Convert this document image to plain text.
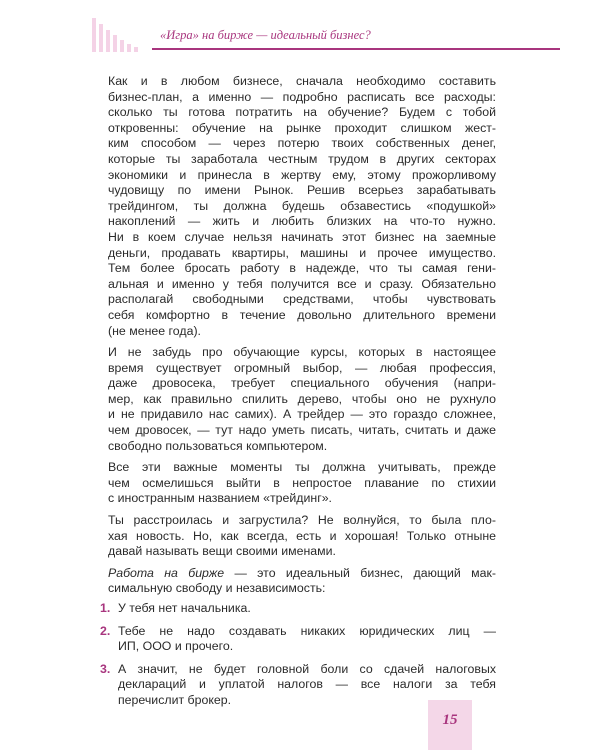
«Игра» на бирже — идеальный бизнес?

Как и в любом бизнесе, сначала необходимо составить
бизнес-план, а именно — подробно расписать все расходы:
сколько ты готова потратить на обучение? Будем с тобой
откровенны: обучение на рынке проходит слишком жест-
ким способом — через потерю твоих собственных денег,
которые ты заработала честным трудом в других секторах
экономики и принесла в жертву ему, этому прожорливому
чудовищу по имени Рынок. Решив всерьез зарабатывать
трейдингом, ты должна будешь обзавестись «подушкой»
накоплений — жить и любить близких на что-то нужно.
Ни в коем случае нельзя начинать этот бизнес на заемные
деньги, продавать квартиры, машины и прочее имущество.
Тем более бросать работу в надежде, что ты самая гени-
альная и именно у тебя получится все и сразу. Обязательно
располагай свободными средствами, чтобы чувствовать
себя комфортно в течение довольно длительного времени
(не менее года).

И не забудь про обучающие курсы, которых в настоящее
время существует огромный выбор, — любая профессия,
даже дровосека, требует специального обучения (напри-
мер, как правильно спилить дерево, чтобы оно не рухнуло
и не придавило нас самих). А трейдер — это гораздо сложнее,
чем дровосек, — тут надо уметь писать, читать, считать и даже
свободно пользоваться компьютером.

Все эти важные моменты ты должна учитывать, прежде
чем осмелишься выйти в непростое плавание по стихии
с иностранным названием «трейдинг».

Ты расстроилась и загрустила? Не волнуйся, то была пло-
хая новость. Но, как всегда, есть и хорошая! Только отныне
давай называть вещи своими именами.

Работа на бирже — это идеальный бизнес, дающий мак-
симальную свободу и независимость:

1. У тебя нет начальника.
2. Тебе не надо создавать никаких юридических лиц —
ИП, ООО и прочего.
3. А значит, не будет головной боли со сдачей налоговых
деклараций и уплатой налогов — все налоги за тебя
перечислит брокер.
15
